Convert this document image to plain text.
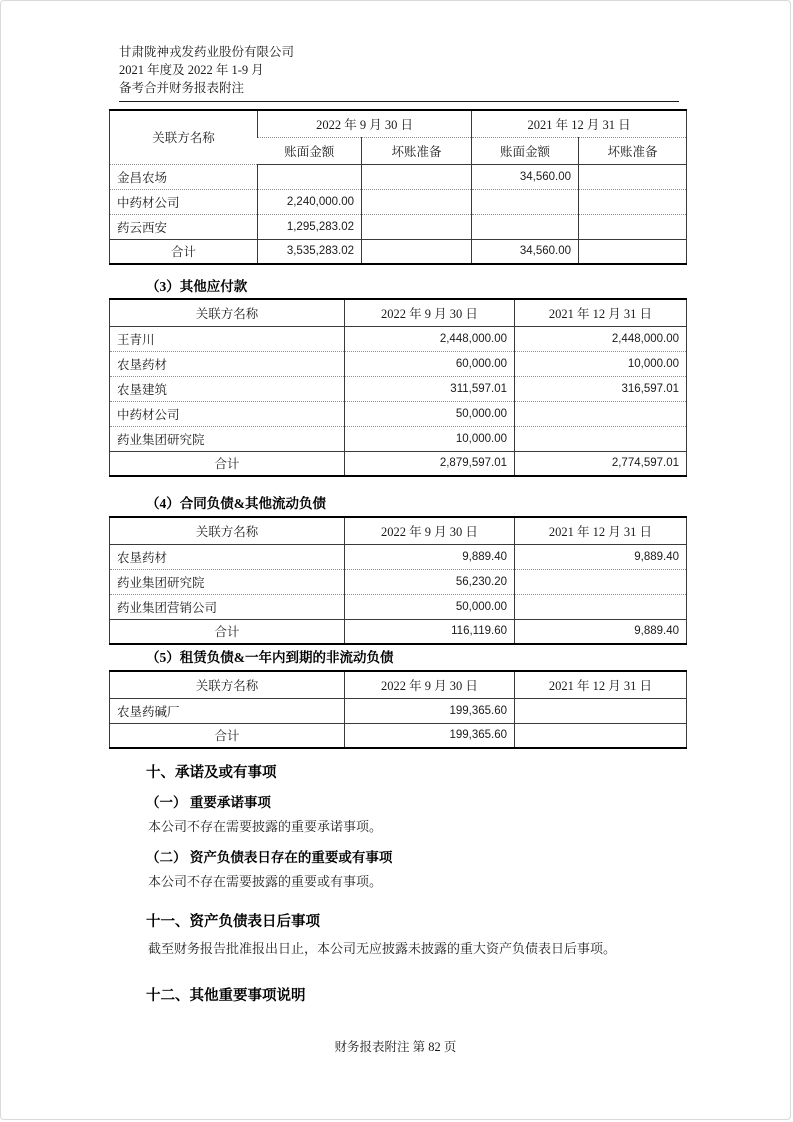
甘肃陇神戎发药业股份有限公司
2021 年度及 2022 年 1-9 月
备考合并财务报表附注
关联方名称	2022 年 9 月 30 日		2021 年 12 月 31 日	
	账面金额	坏账准备	账面金额	坏账准备
金昌农场			34,560.00	
中药材公司	2,240,000.00			
药云西安	1,295,283.02			
合计	3,535,283.02		34,560.00	
（3）其他应付款
关联方名称	2022 年 9 月 30 日	2021 年 12 月 31 日
王青川	2,448,000.00	2,448,000.00
农垦药材	60,000.00	10,000.00
农垦建筑	311,597.01	316,597.01
中药材公司	50,000.00	
药业集团研究院	10,000.00	
合计	2,879,597.01	2,774,597.01
（4）合同负债&其他流动负债
关联方名称	2022 年 9 月 30 日	2021 年 12 月 31 日
农垦药材	9,889.40	9,889.40
药业集团研究院	56,230.20	
药业集团营销公司	50,000.00	
合计	116,119.60	9,889.40
（5）租赁负债&一年内到期的非流动负债
关联方名称	2022 年 9 月 30 日	2021 年 12 月 31 日
农垦药碱厂	199,365.60	
合计	199,365.60	
十、承诺及或有事项
（一） 重要承诺事项
本公司不存在需要披露的重要承诺事项。
（二） 资产负债表日存在的重要或有事项
本公司不存在需要披露的重要或有事项。
十一、资产负债表日后事项
截至财务报告批准报出日止，本公司无应披露未披露的重大资产负债表日后事项。
十二、其他重要事项说明
财务报表附注 第 82 页
